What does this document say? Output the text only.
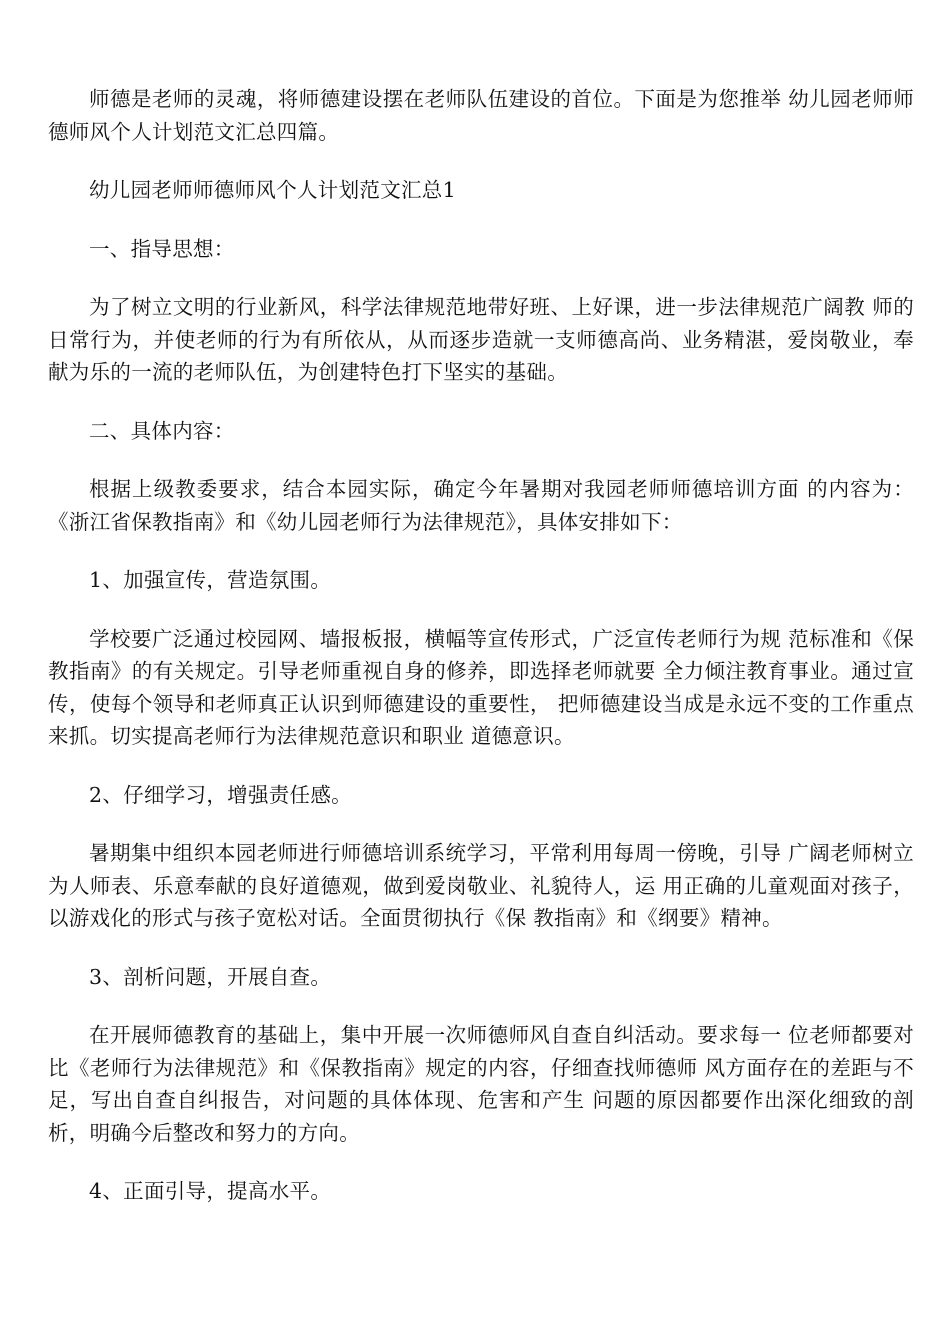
师德是老师的灵魂，将师德建设摆在老师队伍建设的首位。下面是为您推举 幼儿园老师师德师风个人计划范文汇总四篇。

幼儿园老师师德师风个人计划范文汇总1

一、指导思想：

为了树立文明的行业新风，科学法律规范地带好班、上好课，进一步法律规范广阔教 师的日常行为，并使老师的行为有所依从，从而逐步造就一支师德高尚、业务精湛，爱岗敬业，奉献为乐的一流的老师队伍，为创建特色打下坚实的基础。

二、具体内容：

根据上级教委要求，结合本园实际，确定今年暑期对我园老师师德培训方面 的内容为：《浙江省保教指南》和《幼儿园老师行为法律规范》，具体安排如下：

1、加强宣传，营造氛围。

学校要广泛通过校园网、墙报板报，横幅等宣传形式，广泛宣传老师行为规 范标准和《保教指南》的有关规定。引导老师重视自身的修养，即选择老师就要 全力倾注教育事业。通过宣传，使每个领导和老师真正认识到师德建设的重要性， 把师德建设当成是永远不变的工作重点来抓。切实提高老师行为法律规范意识和职业 道德意识。

2、仔细学习，增强责任感。

暑期集中组织本园老师进行师德培训系统学习，平常利用每周一傍晚，引导 广阔老师树立为人师表、乐意奉献的良好道德观，做到爱岗敬业、礼貌待人，运 用正确的儿童观面对孩子，以游戏化的形式与孩子宽松对话。全面贯彻执行《保 教指南》和《纲要》精神。

3、剖析问题，开展自查。

在开展师德教育的基础上，集中开展一次师德师风自查自纠活动。要求每一 位老师都要对比《老师行为法律规范》和《保教指南》规定的内容，仔细查找师德师 风方面存在的差距与不足，写出自查自纠报告，对问题的具体体现、危害和产生 问题的原因都要作出深化细致的剖析，明确今后整改和努力的方向。

4、正面引导，提高水平。
